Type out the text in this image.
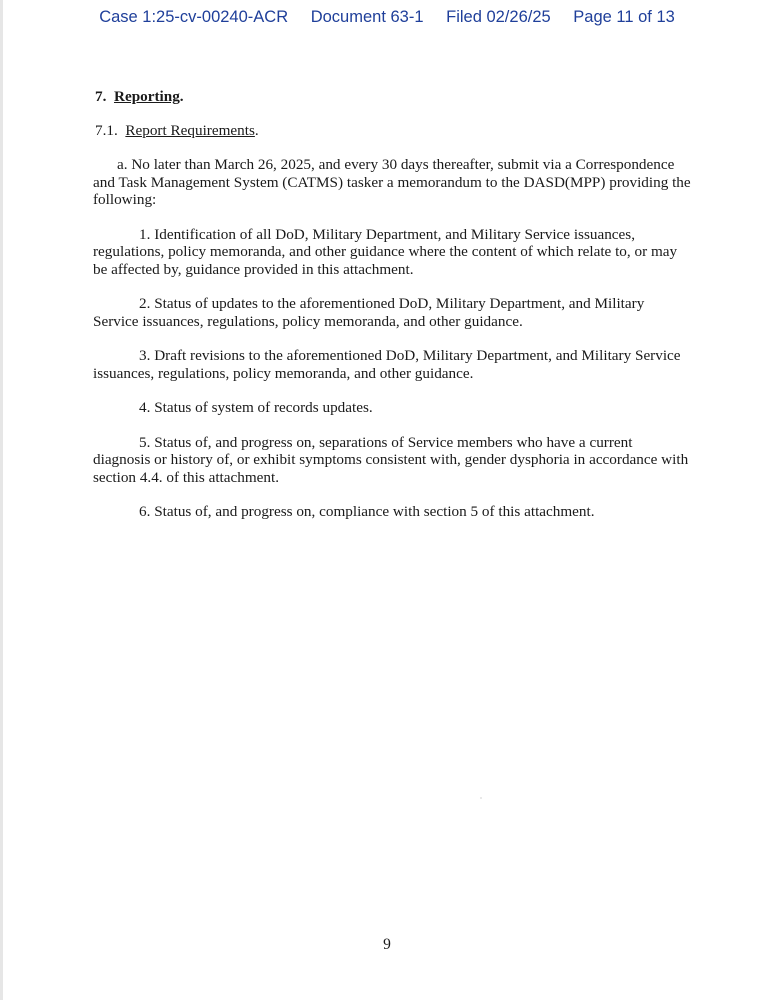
Case 1:25-cv-00240-ACR Document 63-1 Filed 02/26/25 Page 11 of 13

7. Reporting.

7.1. Report Requirements.

a. No later than March 26, 2025, and every 30 days thereafter, submit via a Correspondence and Task Management System (CATMS) tasker a memorandum to the DASD(MPP) providing the following:

1. Identification of all DoD, Military Department, and Military Service issuances, regulations, policy memoranda, and other guidance where the content of which relate to, or may be affected by, guidance provided in this attachment.

2. Status of updates to the aforementioned DoD, Military Department, and Military Service issuances, regulations, policy memoranda, and other guidance.

3. Draft revisions to the aforementioned DoD, Military Department, and Military Service issuances, regulations, policy memoranda, and other guidance.

4. Status of system of records updates.

5. Status of, and progress on, separations of Service members who have a current diagnosis or history of, or exhibit symptoms consistent with, gender dysphoria in accordance with section 4.4. of this attachment.

6. Status of, and progress on, compliance with section 5 of this attachment.

9
